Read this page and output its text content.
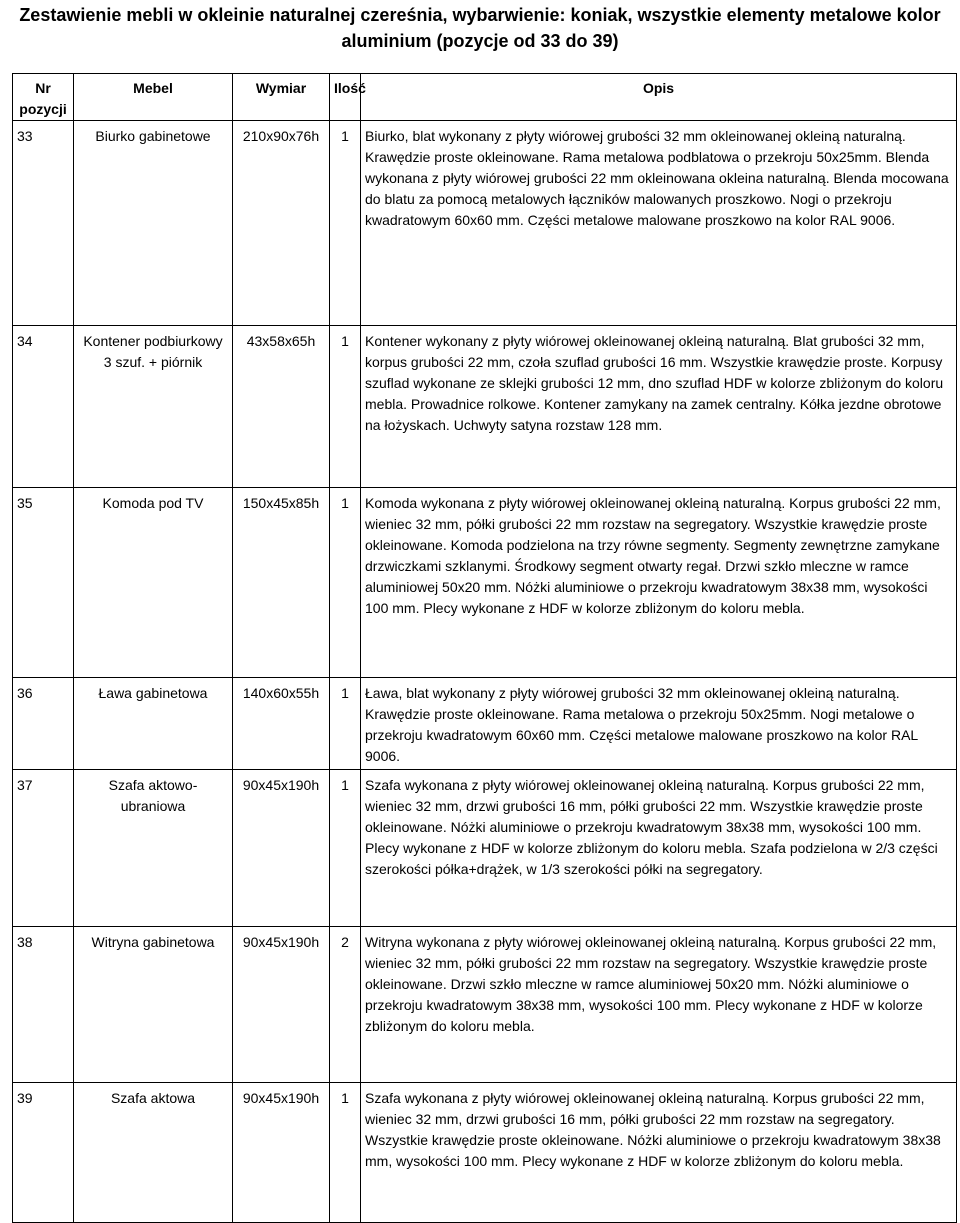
Zestawienie mebli w okleinie naturalnej czereśnia, wybarwienie: koniak, wszystkie elementy metalowe kolor aluminium (pozycje od 33 do 39)
Nr pozycji	Mebel	Wymiar	Ilość	Opis
33	Biurko gabinetowe	210x90x76h	1	Biurko, blat wykonany z płyty wiórowej grubości 32 mm okleinowanej okleiną naturalną. Krawędzie proste okleinowane. Rama metalowa podblatowa o przekroju 50x25mm. Blenda wykonana z płyty wiórowej grubości 22 mm okleinowana okleina naturalną. Blenda mocowana do blatu za pomocą metalowych łączników malowanych proszkowo. Nogi o przekroju kwadratowym 60x60 mm. Części metalowe malowane proszkowo na kolor RAL 9006.
34	Kontener podbiurkowy 3 szuf. + piórnik	43x58x65h	1	Kontener wykonany z płyty wiórowej okleinowanej okleiną naturalną. Blat grubości 32 mm, korpus grubości 22 mm, czoła szuflad grubości 16 mm. Wszystkie krawędzie proste. Korpusy szuflad wykonane ze sklejki grubości 12 mm, dno szuflad HDF w kolorze zbliżonym do koloru mebla. Prowadnice rolkowe. Kontener zamykany na zamek centralny. Kółka jezdne obrotowe na łożyskach. Uchwyty satyna rozstaw 128 mm.
35	Komoda pod TV	150x45x85h	1	Komoda wykonana z płyty wiórowej okleinowanej okleiną naturalną. Korpus grubości 22 mm, wieniec 32 mm, półki grubości 22 mm rozstaw na segregatory. Wszystkie krawędzie proste okleinowane. Komoda podzielona na trzy równe segmenty. Segmenty zewnętrzne zamykane drzwiczkami szklanymi. Środkowy segment otwarty regał. Drzwi szkło mleczne w ramce aluminiowej 50x20 mm. Nóżki aluminiowe o przekroju kwadratowym 38x38 mm, wysokości 100 mm. Plecy wykonane z HDF w kolorze zbliżonym do koloru mebla.
36	Ława gabinetowa	140x60x55h	1	Ława, blat wykonany z płyty wiórowej grubości 32 mm okleinowanej okleiną naturalną. Krawędzie proste okleinowane. Rama metalowa o przekroju 50x25mm. Nogi metalowe o przekroju kwadratowym 60x60 mm. Części metalowe malowane proszkowo na kolor RAL 9006.
37	Szafa aktowo-ubraniowa	90x45x190h	1	Szafa wykonana z płyty wiórowej okleinowanej okleiną naturalną. Korpus grubości 22 mm, wieniec 32 mm, drzwi grubości 16 mm, półki grubości 22 mm. Wszystkie krawędzie proste okleinowane. Nóżki aluminiowe o przekroju kwadratowym 38x38 mm, wysokości 100 mm. Plecy wykonane z HDF w kolorze zbliżonym do koloru mebla. Szafa podzielona w 2/3 części szerokości półka+drążek, w 1/3 szerokości półki na segregatory.
38	Witryna gabinetowa	90x45x190h	2	Witryna wykonana z płyty wiórowej okleinowanej okleiną naturalną. Korpus grubości 22 mm, wieniec 32 mm, półki grubości 22 mm rozstaw na segregatory. Wszystkie krawędzie proste okleinowane. Drzwi szkło mleczne w ramce aluminiowej 50x20 mm. Nóżki aluminiowe o przekroju kwadratowym 38x38 mm, wysokości 100 mm. Plecy wykonane z HDF w kolorze zbliżonym do koloru mebla.
39	Szafa aktowa	90x45x190h	1	Szafa wykonana z płyty wiórowej okleinowanej okleiną naturalną. Korpus grubości 22 mm, wieniec 32 mm, drzwi grubości 16 mm, półki grubości 22 mm rozstaw na segregatory. Wszystkie krawędzie proste okleinowane. Nóżki aluminiowe o przekroju kwadratowym 38x38 mm, wysokości 100 mm. Plecy wykonane z HDF w kolorze zbliżonym do koloru mebla.
